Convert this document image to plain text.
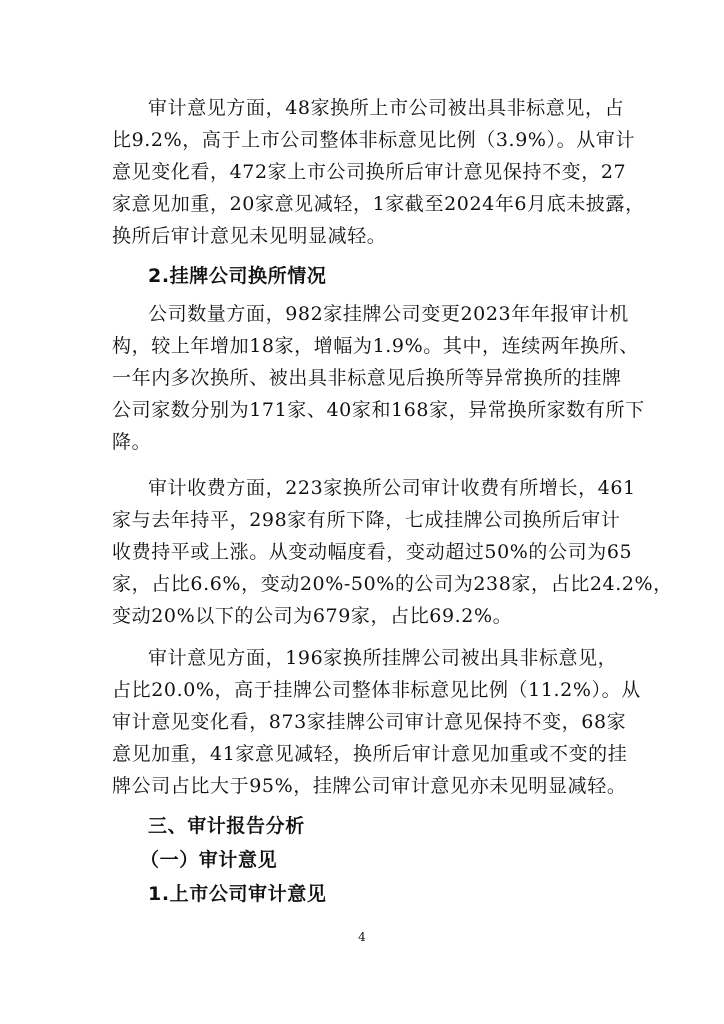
审计意见方面，48家换所上市公司被出具非标意见，占
比9.2%，高于上市公司整体非标意见比例（3.9%）。从审计
意见变化看，472家上市公司换所后审计意见保持不变，27
家意见加重，20家意见减轻，1家截至2024年6月底未披露，
换所后审计意见未见明显减轻。
2.挂牌公司换所情况
公司数量方面，982家挂牌公司变更2023年年报审计机
构，较上年增加18家，增幅为1.9%。其中，连续两年换所、
一年内多次换所、被出具非标意见后换所等异常换所的挂牌
公司家数分别为171家、40家和168家，异常换所家数有所下
降。
审计收费方面，223家换所公司审计收费有所增长，461
家与去年持平，298家有所下降，七成挂牌公司换所后审计
收费持平或上涨。从变动幅度看，变动超过50%的公司为65
家，占比6.6%，变动20%-50%的公司为238家，占比24.2%，
变动20%以下的公司为679家，占比69.2%。
审计意见方面，196家换所挂牌公司被出具非标意见，
占比20.0%，高于挂牌公司整体非标意见比例（11.2%）。从
审计意见变化看，873家挂牌公司审计意见保持不变，68家
意见加重，41家意见减轻，换所后审计意见加重或不变的挂
牌公司占比大于95%，挂牌公司审计意见亦未见明显减轻。
三、审计报告分析
（一）审计意见
1.上市公司审计意见
4
